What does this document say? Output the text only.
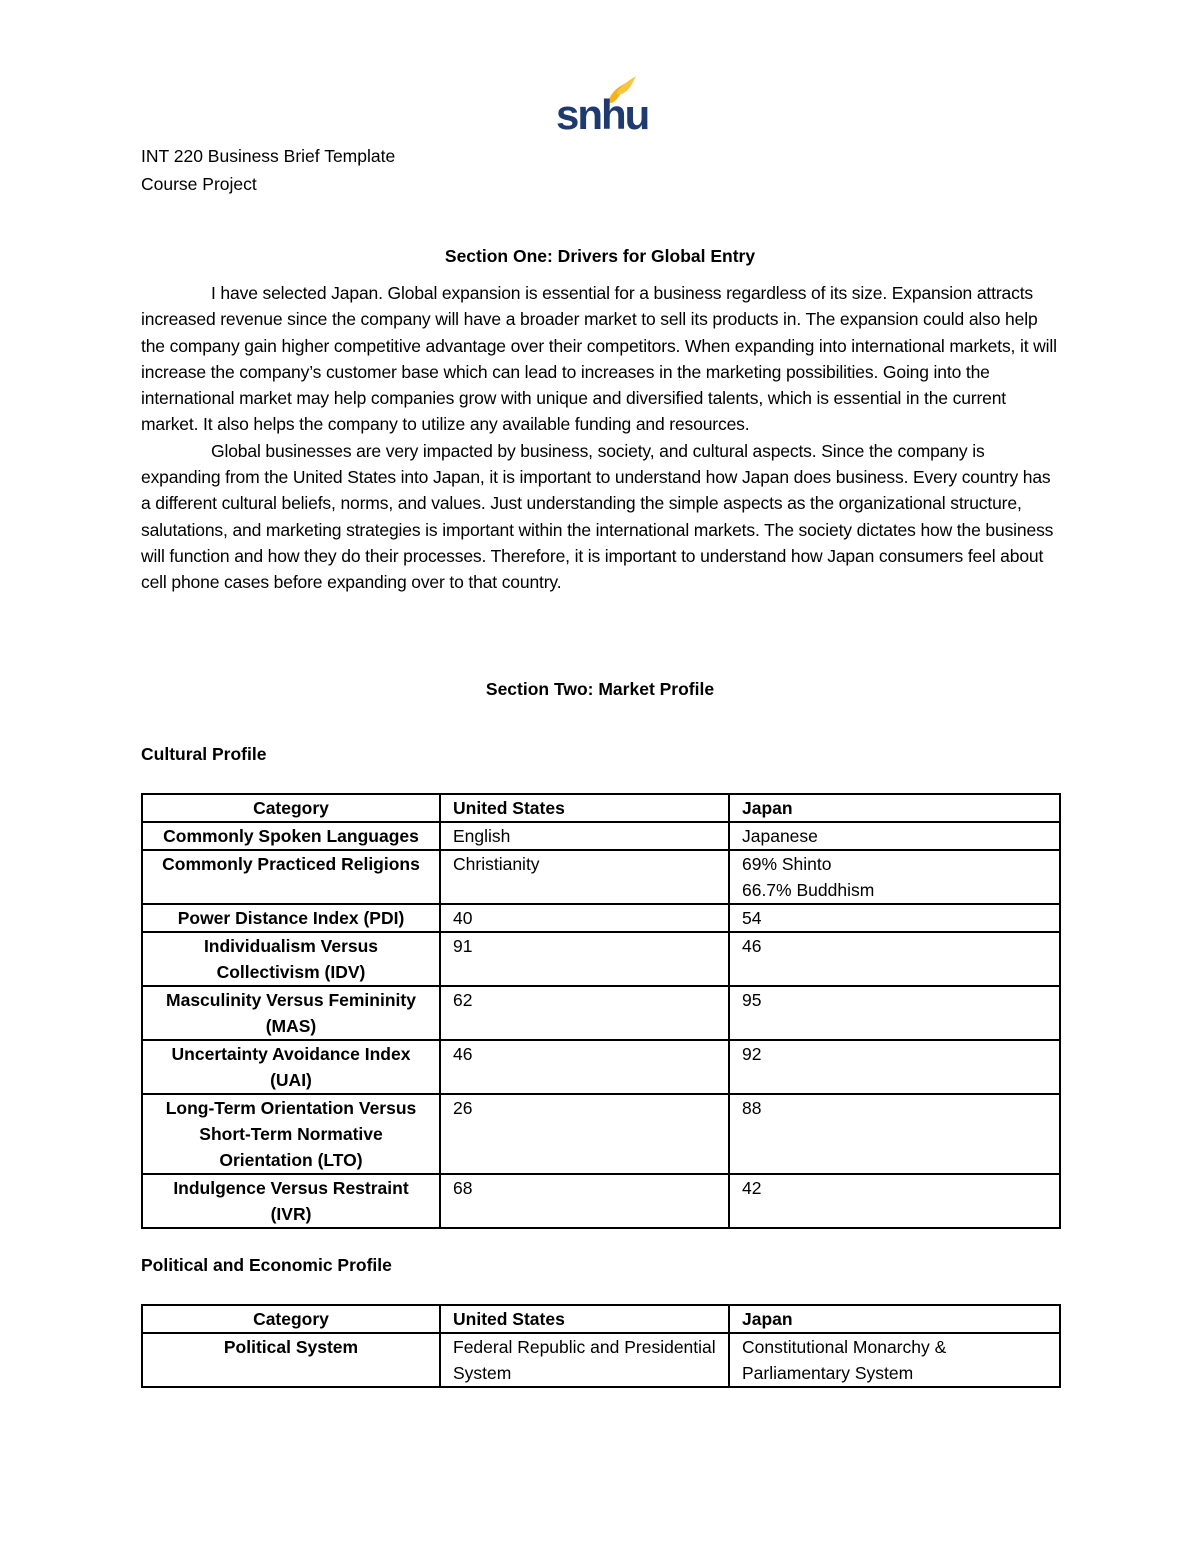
snhu
INT 220 Business Brief Template
Course Project
Section One: Drivers for Global Entry

I have selected Japan. Global expansion is essential for a business regardless of its size. Expansion attracts increased revenue since the company will have a broader market to sell its products in. The expansion could also help the company gain higher competitive advantage over their competitors. When expanding into international markets, it will increase the company’s customer base which can lead to increases in the marketing possibilities. Going into the international market may help companies grow with unique and diversified talents, which is essential in the current market. It also helps the company to utilize any available funding and resources.

Global businesses are very impacted by business, society, and cultural aspects. Since the company is expanding from the United States into Japan, it is important to understand how Japan does business. Every country has a different cultural beliefs, norms, and values. Just understanding the simple aspects as the organizational structure, salutations, and marketing strategies is important within the international markets. The society dictates how the business will function and how they do their processes. Therefore, it is important to understand how Japan consumers feel about cell phone cases before expanding over to that country.

Section Two: Market Profile
Cultural Profile
Category	United States	Japan
Commonly Spoken Languages	English	Japanese
Commonly Practiced Religions	Christianity	69% Shinto
66.7% Buddhism

Power Distance Index (PDI)	40	54
Individualism Versus Collectivism (IDV)	91	46
Masculinity Versus Femininity (MAS)	62	95
Uncertainty Avoidance Index (UAI)	46	92
Long-Term Orientation Versus Short-Term Normative Orientation (LTO)	26	88
Indulgence Versus Restraint (IVR)	68	42
Political and Economic Profile
Category	United States	Japan
Political System	Federal Republic and Presidential System	Constitutional Monarchy & Parliamentary System
